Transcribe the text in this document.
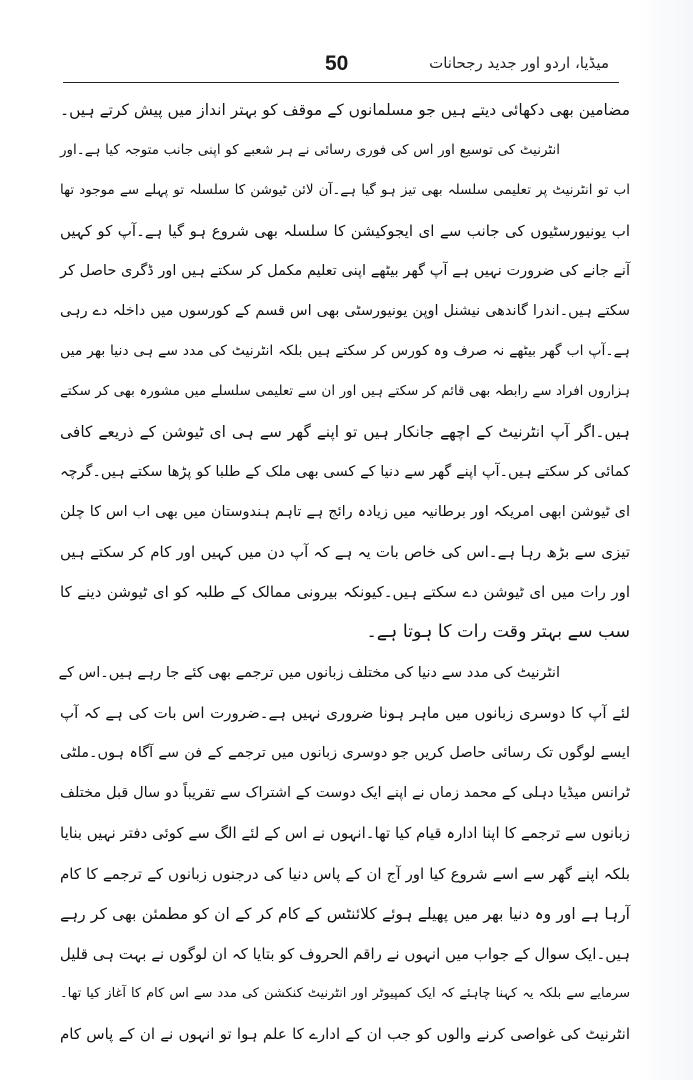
50	میڈیا، اردو اور جدید رجحانات
مضامین بھی دکھائی دیتے ہیں جو مسلمانوں کے موقف کو بہتر انداز میں پیش کرتے ہیں۔
انٹرنیٹ کی توسیع اور اس کی فوری رسائی نے ہر شعبے کو اپنی جانب متوجہ کیا ہے۔اور
اب تو انٹرنیٹ پر تعلیمی سلسلہ بھی تیز ہو گیا ہے۔آن لائن ٹیوشن کا سلسلہ تو پہلے سے موجود تھا
اب یونیورسٹیوں کی جانب سے ای ایجوکیشن کا سلسلہ بھی شروع ہو گیا ہے۔آپ کو کہیں
آنے جانے کی ضرورت نہیں ہے آپ گھر بیٹھے اپنی تعلیم مکمل کر سکتے ہیں اور ڈگری حاصل کر
سکتے ہیں۔اندرا گاندھی نیشنل اوپن یونیورسٹی بھی اس قسم کے کورسوں میں داخلہ دے رہی
ہے۔آپ اب گھر بیٹھے نہ صرف وہ کورس کر سکتے ہیں بلکہ انٹرنیٹ کی مدد سے ہی دنیا بھر میں
ہزاروں افراد سے رابطہ بھی قائم کر سکتے ہیں اور ان سے تعلیمی سلسلے میں مشورہ بھی کر سکتے
ہیں۔اگر آپ انٹرنیٹ کے اچھے جانکار ہیں تو اپنے گھر سے ہی ای ٹیوشن کے ذریعے کافی
کمائی کر سکتے ہیں۔آپ اپنے گھر سے دنیا کے کسی بھی ملک کے طلبا کو پڑھا سکتے ہیں۔گرچہ
ای ٹیوشن ابھی امریکہ اور برطانیہ میں زیادہ رائج ہے تاہم ہندوستان میں بھی اب اس کا چلن
تیزی سے بڑھ رہا ہے۔اس کی خاص بات یہ ہے کہ آپ دن میں کہیں اور کام کر سکتے ہیں
اور رات میں ای ٹیوشن دے سکتے ہیں۔کیونکہ بیرونی ممالک کے طلبہ کو ای ٹیوشن دینے کا
سب سے بہتر وقت رات کا ہوتا ہے۔
انٹرنیٹ کی مدد سے دنیا کی مختلف زبانوں میں ترجمے بھی کئے جا رہے ہیں۔اس کے
لئے آپ کا دوسری زبانوں میں ماہر ہونا ضروری نہیں ہے۔ضرورت اس بات کی ہے کہ آپ
ایسے لوگوں تک رسائی حاصل کریں جو دوسری زبانوں میں ترجمے کے فن سے آگاہ ہوں۔ملٹی
ٹرانس میڈیا دہلی کے محمد زماں نے اپنے ایک دوست کے اشتراک سے تقریباً دو سال قبل مختلف
زبانوں سے ترجمے کا اپنا ادارہ قیام کیا تھا۔انہوں نے اس کے لئے الگ سے کوئی دفتر نہیں بنایا
بلکہ اپنے گھر سے اسے شروع کیا اور آج ان کے پاس دنیا کی درجنوں زبانوں کے ترجمے کا کام
آرہا ہے اور وہ دنیا بھر میں پھیلے ہوئے کلائنٹس کے کام کر کے ان کو مطمئن بھی کر رہے
ہیں۔ایک سوال کے جواب میں انہوں نے راقم الحروف کو بتایا کہ ان لوگوں نے بہت ہی قلیل
سرمایے سے بلکہ یہ کہنا چاہئے کہ ایک کمپیوٹر اور انٹرنیٹ کنکشن کی مدد سے اس کام کا آغاز کیا تھا۔
انٹرنیٹ کی غواصی کرنے والوں کو جب ان کے ادارے کا علم ہوا تو انہوں نے ان کے پاس کام
